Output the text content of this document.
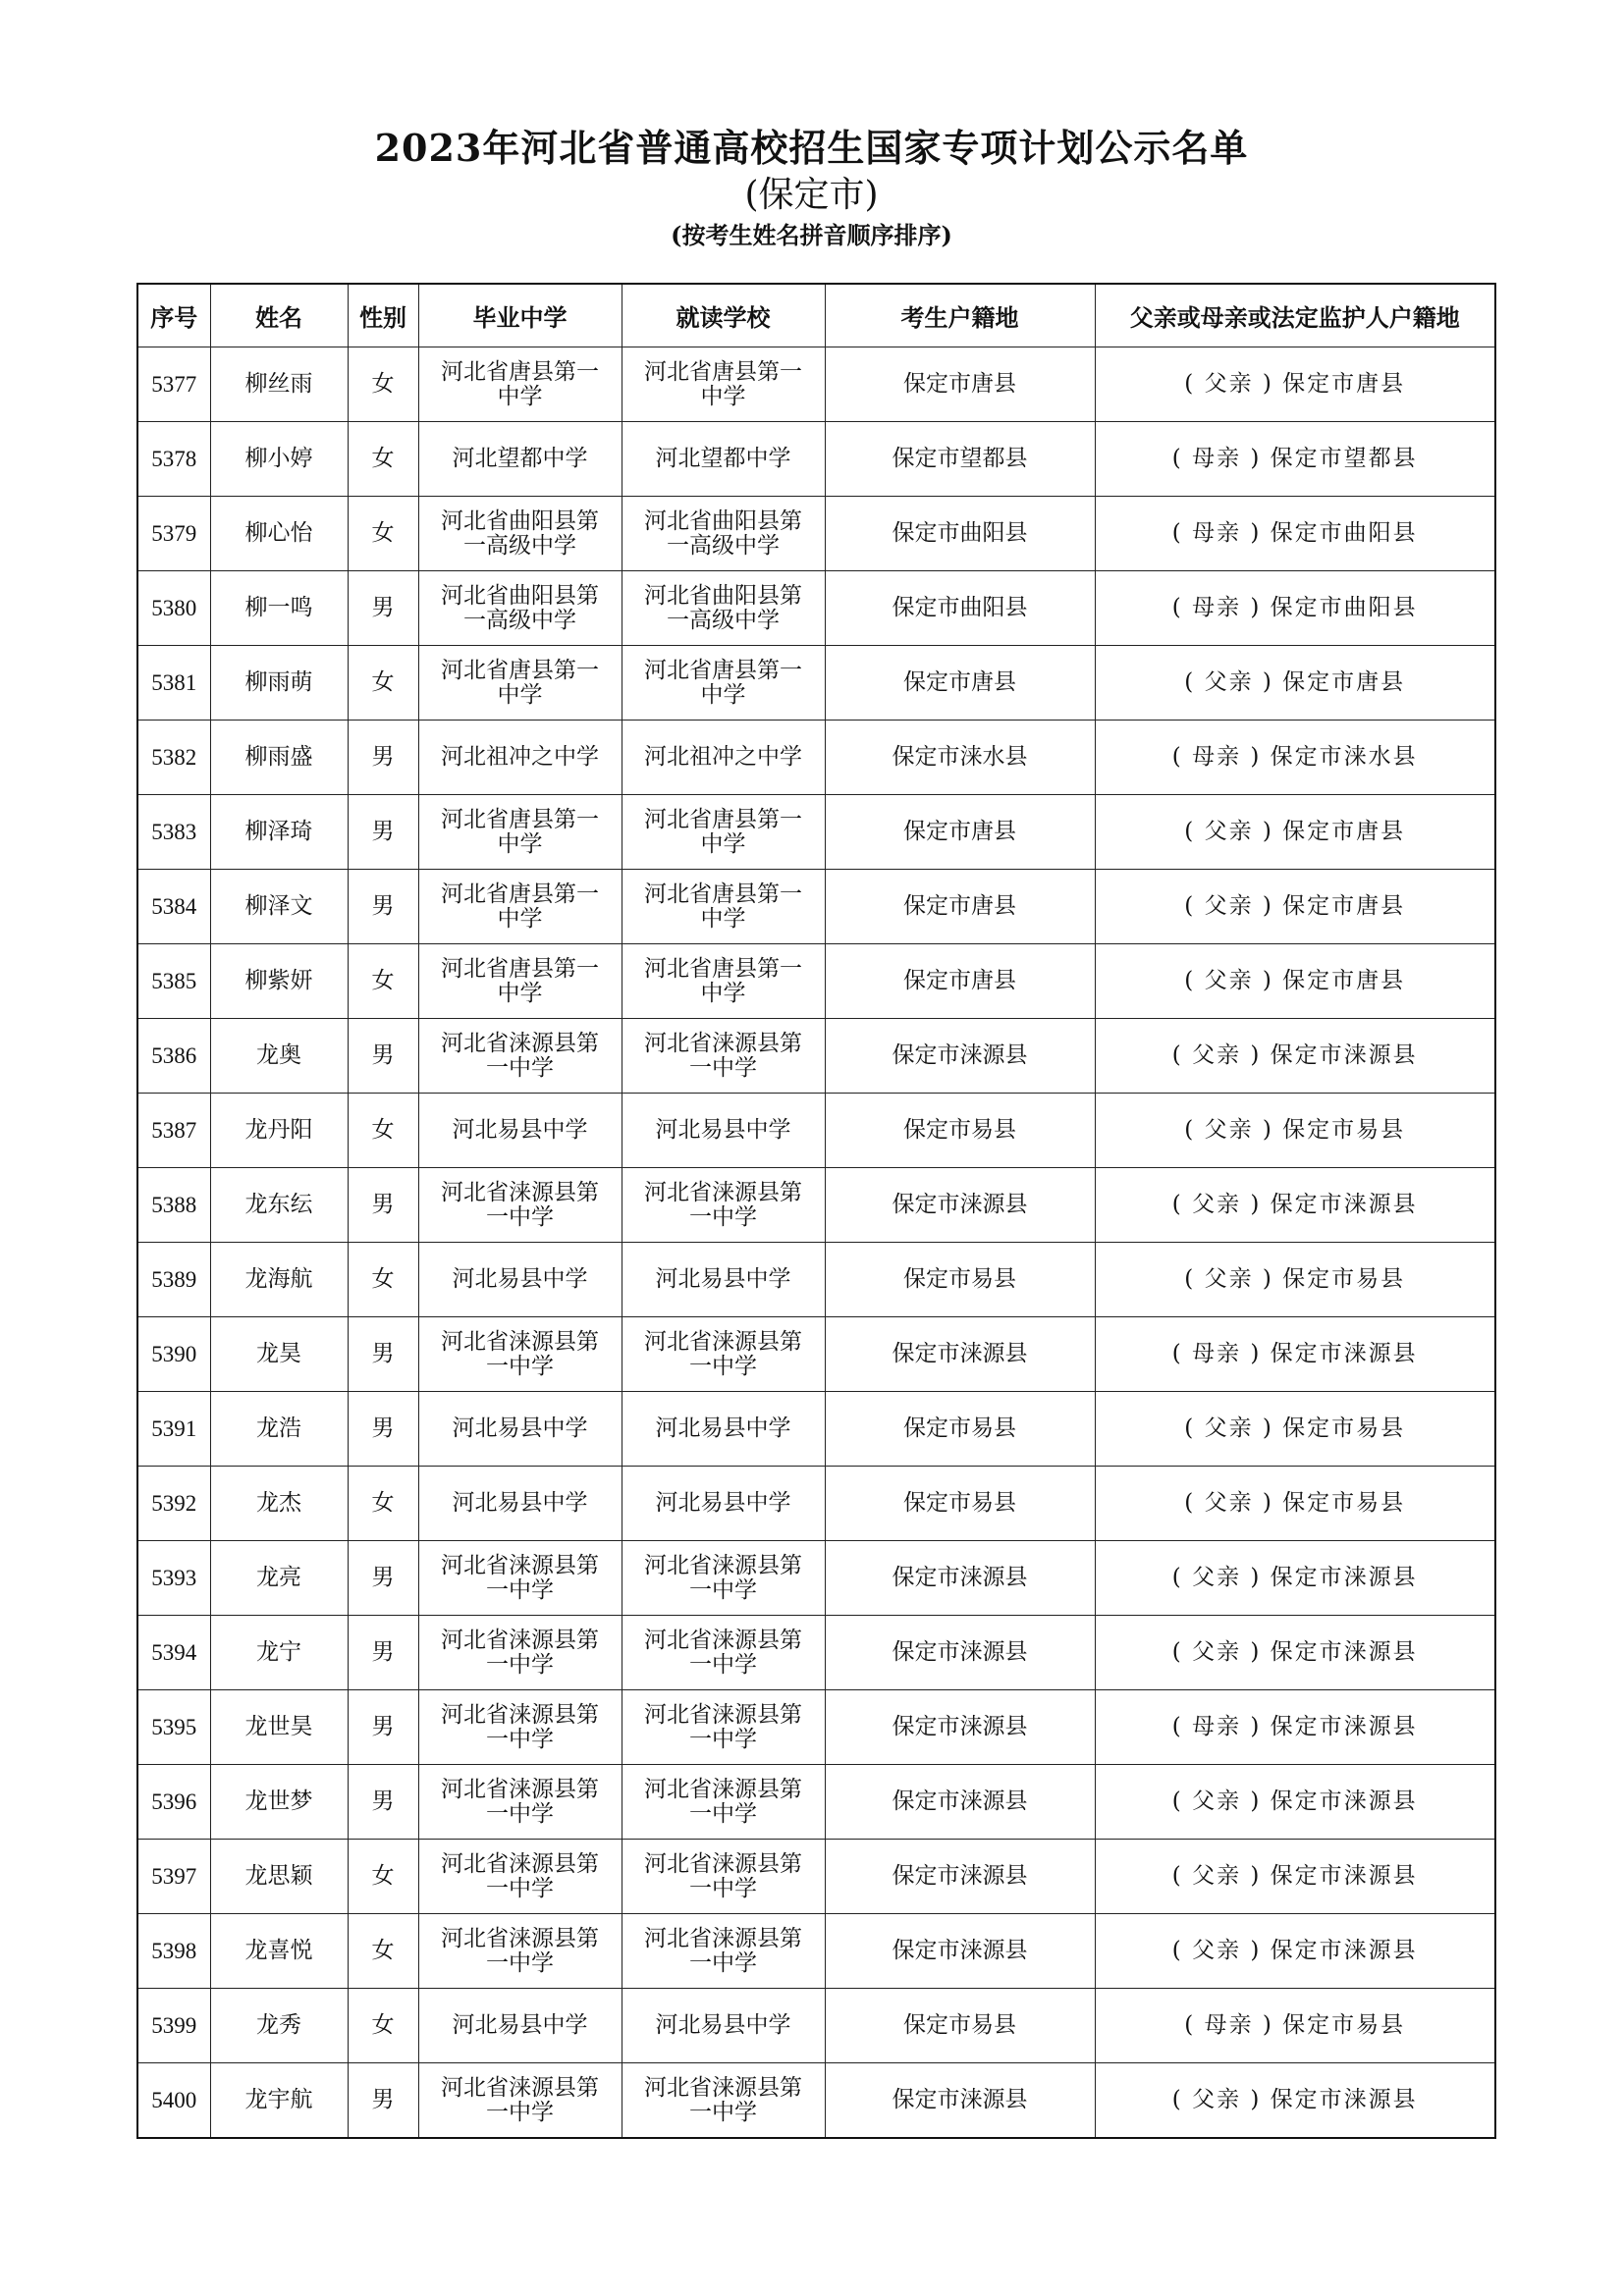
2023年河北省普通高校招生国家专项计划公示名单
(保定市)
(按考生姓名拼音顺序排序)
序号	姓名	性别	毕业中学	就读学校	考生户籍地	父亲或母亲或法定监护人户籍地
5377	柳丝雨	女	河北省唐县第一
中学	河北省唐县第一
中学	保定市唐县	( 父亲 ) 保定市唐县
5378	柳小婷	女	河北望都中学	河北望都中学	保定市望都县	( 母亲 ) 保定市望都县
5379	柳心怡	女	河北省曲阳县第
一高级中学	河北省曲阳县第
一高级中学	保定市曲阳县	( 母亲 ) 保定市曲阳县
5380	柳一鸣	男	河北省曲阳县第
一高级中学	河北省曲阳县第
一高级中学	保定市曲阳县	( 母亲 ) 保定市曲阳县
5381	柳雨萌	女	河北省唐县第一
中学	河北省唐县第一
中学	保定市唐县	( 父亲 ) 保定市唐县
5382	柳雨盛	男	河北祖冲之中学	河北祖冲之中学	保定市涞水县	( 母亲 ) 保定市涞水县
5383	柳泽琦	男	河北省唐县第一
中学	河北省唐县第一
中学	保定市唐县	( 父亲 ) 保定市唐县
5384	柳泽文	男	河北省唐县第一
中学	河北省唐县第一
中学	保定市唐县	( 父亲 ) 保定市唐县
5385	柳紫妍	女	河北省唐县第一
中学	河北省唐县第一
中学	保定市唐县	( 父亲 ) 保定市唐县
5386	龙奥	男	河北省涞源县第
一中学	河北省涞源县第
一中学	保定市涞源县	( 父亲 ) 保定市涞源县
5387	龙丹阳	女	河北易县中学	河北易县中学	保定市易县	( 父亲 ) 保定市易县
5388	龙东纭	男	河北省涞源县第
一中学	河北省涞源县第
一中学	保定市涞源县	( 父亲 ) 保定市涞源县
5389	龙海航	女	河北易县中学	河北易县中学	保定市易县	( 父亲 ) 保定市易县
5390	龙昊	男	河北省涞源县第
一中学	河北省涞源县第
一中学	保定市涞源县	( 母亲 ) 保定市涞源县
5391	龙浩	男	河北易县中学	河北易县中学	保定市易县	( 父亲 ) 保定市易县
5392	龙杰	女	河北易县中学	河北易县中学	保定市易县	( 父亲 ) 保定市易县
5393	龙亮	男	河北省涞源县第
一中学	河北省涞源县第
一中学	保定市涞源县	( 父亲 ) 保定市涞源县
5394	龙宁	男	河北省涞源县第
一中学	河北省涞源县第
一中学	保定市涞源县	( 父亲 ) 保定市涞源县
5395	龙世昊	男	河北省涞源县第
一中学	河北省涞源县第
一中学	保定市涞源县	( 母亲 ) 保定市涞源县
5396	龙世梦	男	河北省涞源县第
一中学	河北省涞源县第
一中学	保定市涞源县	( 父亲 ) 保定市涞源县
5397	龙思颖	女	河北省涞源县第
一中学	河北省涞源县第
一中学	保定市涞源县	( 父亲 ) 保定市涞源县
5398	龙喜悦	女	河北省涞源县第
一中学	河北省涞源县第
一中学	保定市涞源县	( 父亲 ) 保定市涞源县
5399	龙秀	女	河北易县中学	河北易县中学	保定市易县	( 母亲 ) 保定市易县
5400	龙宇航	男	河北省涞源县第
一中学	河北省涞源县第
一中学	保定市涞源县	( 父亲 ) 保定市涞源县
